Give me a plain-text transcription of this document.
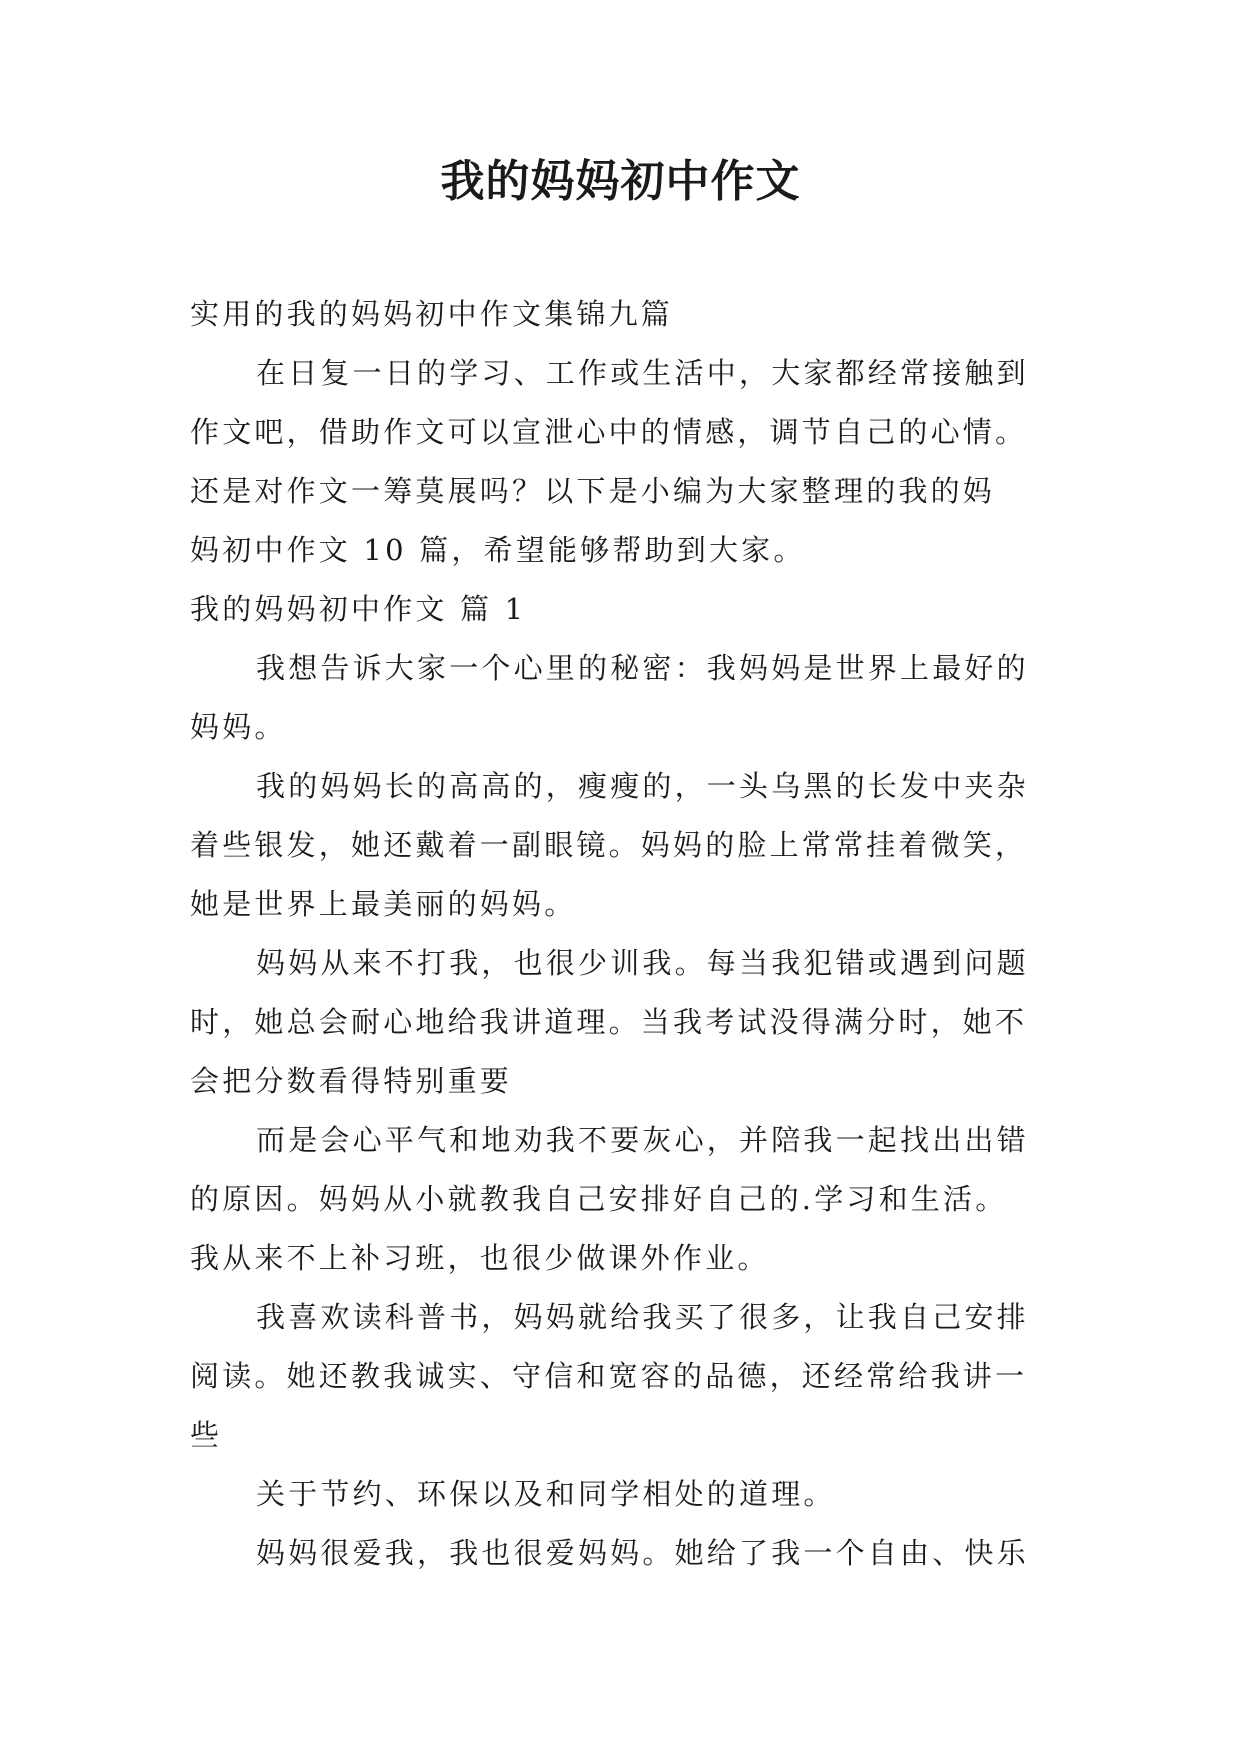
我的妈妈初中作文
实用的我的妈妈初中作文集锦九篇
在日复一日的学习、工作或生活中，大家都经常接触到
作文吧，借助作文可以宣泄心中的情感，调节自己的心情。
还是对作文一筹莫展吗？以下是小编为大家整理的我的妈
妈初中作文 10 篇，希望能够帮助到大家。
我的妈妈初中作文 篇 1
我想告诉大家一个心里的秘密：我妈妈是世界上最好的
妈妈。
我的妈妈长的高高的，瘦瘦的，一头乌黑的长发中夹杂
着些银发，她还戴着一副眼镜。妈妈的脸上常常挂着微笑，
她是世界上最美丽的妈妈。
妈妈从来不打我，也很少训我。每当我犯错或遇到问题
时，她总会耐心地给我讲道理。当我考试没得满分时，她不
会把分数看得特别重要
而是会心平气和地劝我不要灰心，并陪我一起找出出错
的原因。妈妈从小就教我自己安排好自己的.学习和生活。
我从来不上补习班，也很少做课外作业。
我喜欢读科普书，妈妈就给我买了很多，让我自己安排
阅读。她还教我诚实、守信和宽容的品德，还经常给我讲一
些
关于节约、环保以及和同学相处的道理。
妈妈很爱我，我也很爱妈妈。她给了我一个自由、快乐
